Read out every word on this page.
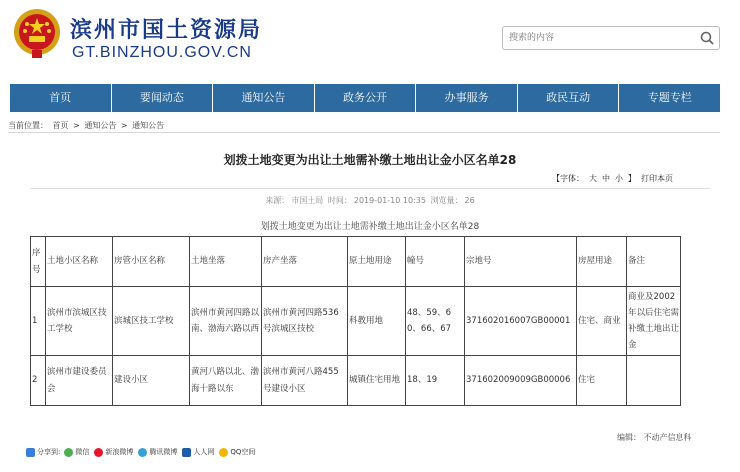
滨州市国土资源局
GT.BINZHOU.GOV.CN
搜索的内容
首页	要闻动态	通知公告	政务公开	办事服务	政民互动	专题专栏
当前位置： 首页 > 通知公告 > 通知公告
划拨土地变更为出让土地需补缴土地出让金小区名单28
【字体： 大 中 小 】 打印本页
来源： 市国土局 时间： 2019-01-10 10:35 浏览量： 26
划拨土地变更为出让土地需补缴土地出让金小区名单28
序号	土地小区名称	房管小区名称	土地坐落	房产坐落	原土地用途	幢号	宗地号	房屋用途	备注
1	滨州市滨城区技工学校	滨城区技工学校	滨州市黄河四路以南、渤海六路以西	滨州市黄河四路536号滨城区技校	科教用地	48、59、60、66、67	371602016007GB00001	住宅、商业	商业及2002年以后住宅需补缴土地出让金
2	滨州市建设委员会	建设小区	黄河八路以北、渤海十路以东	滨州市黄河八路455号建设小区	城镇住宅用地	18、19	371602009009GB00006	住宅	
编辑： 不动产信息科
分享到: 微信 新浪微博 腾讯微博 人人网 QQ空间
